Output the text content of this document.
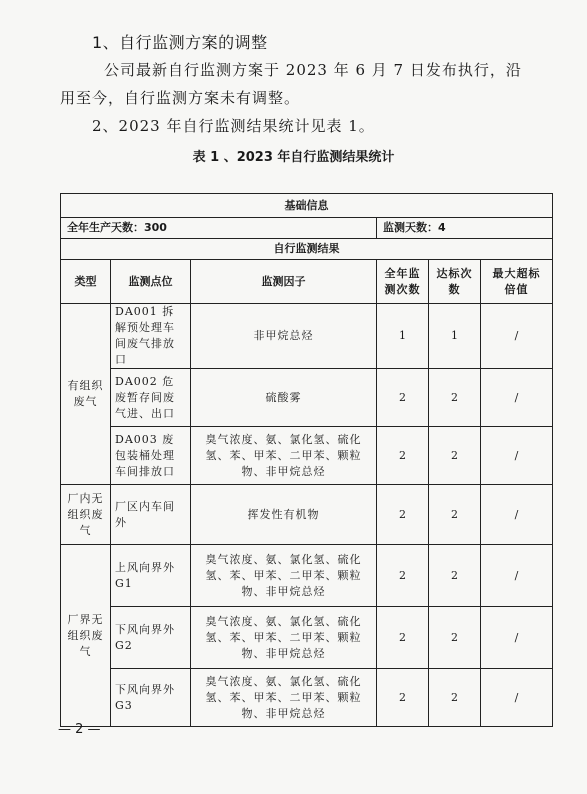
1、自行监测方案的调整
公司最新自行监测方案于 2023 年 6 月 7 日发布执行，沿用至今，自行监测方案未有调整。
2、2023 年自行监测结果统计见表 1。
表 1 、2023 年自行监测结果统计
基础信息					
全年生产天数：300			监测天数：4		
自行监测结果					
类型	监测点位	监测因子	全年监测次数	达标次数	最大超标倍值
有组织废气	DA001 拆解预处理车间废气排放口	非甲烷总烃	1	1	/
	DA002 危废暂存间废气进、出口	硫酸雾	2	2	/
	DA003 废包装桶处理车间排放口	臭气浓度、氨、氯化氢、硫化氢、苯、甲苯、二甲苯、颗粒物、非甲烷总烃	2	2	/
厂内无组织废气	厂区内车间外	挥发性有机物	2	2	/
厂界无组织废气	上风向界外 G1	臭气浓度、氨、氯化氢、硫化氢、苯、甲苯、二甲苯、颗粒物、非甲烷总烃	2	2	/
	下风向界外 G2	臭气浓度、氨、氯化氢、硫化氢、苯、甲苯、二甲苯、颗粒物、非甲烷总烃	2	2	/
	下风向界外 G3	臭气浓度、氨、氯化氢、硫化氢、苯、甲苯、二甲苯、颗粒物、非甲烷总烃	2	2	/
— 2 —
